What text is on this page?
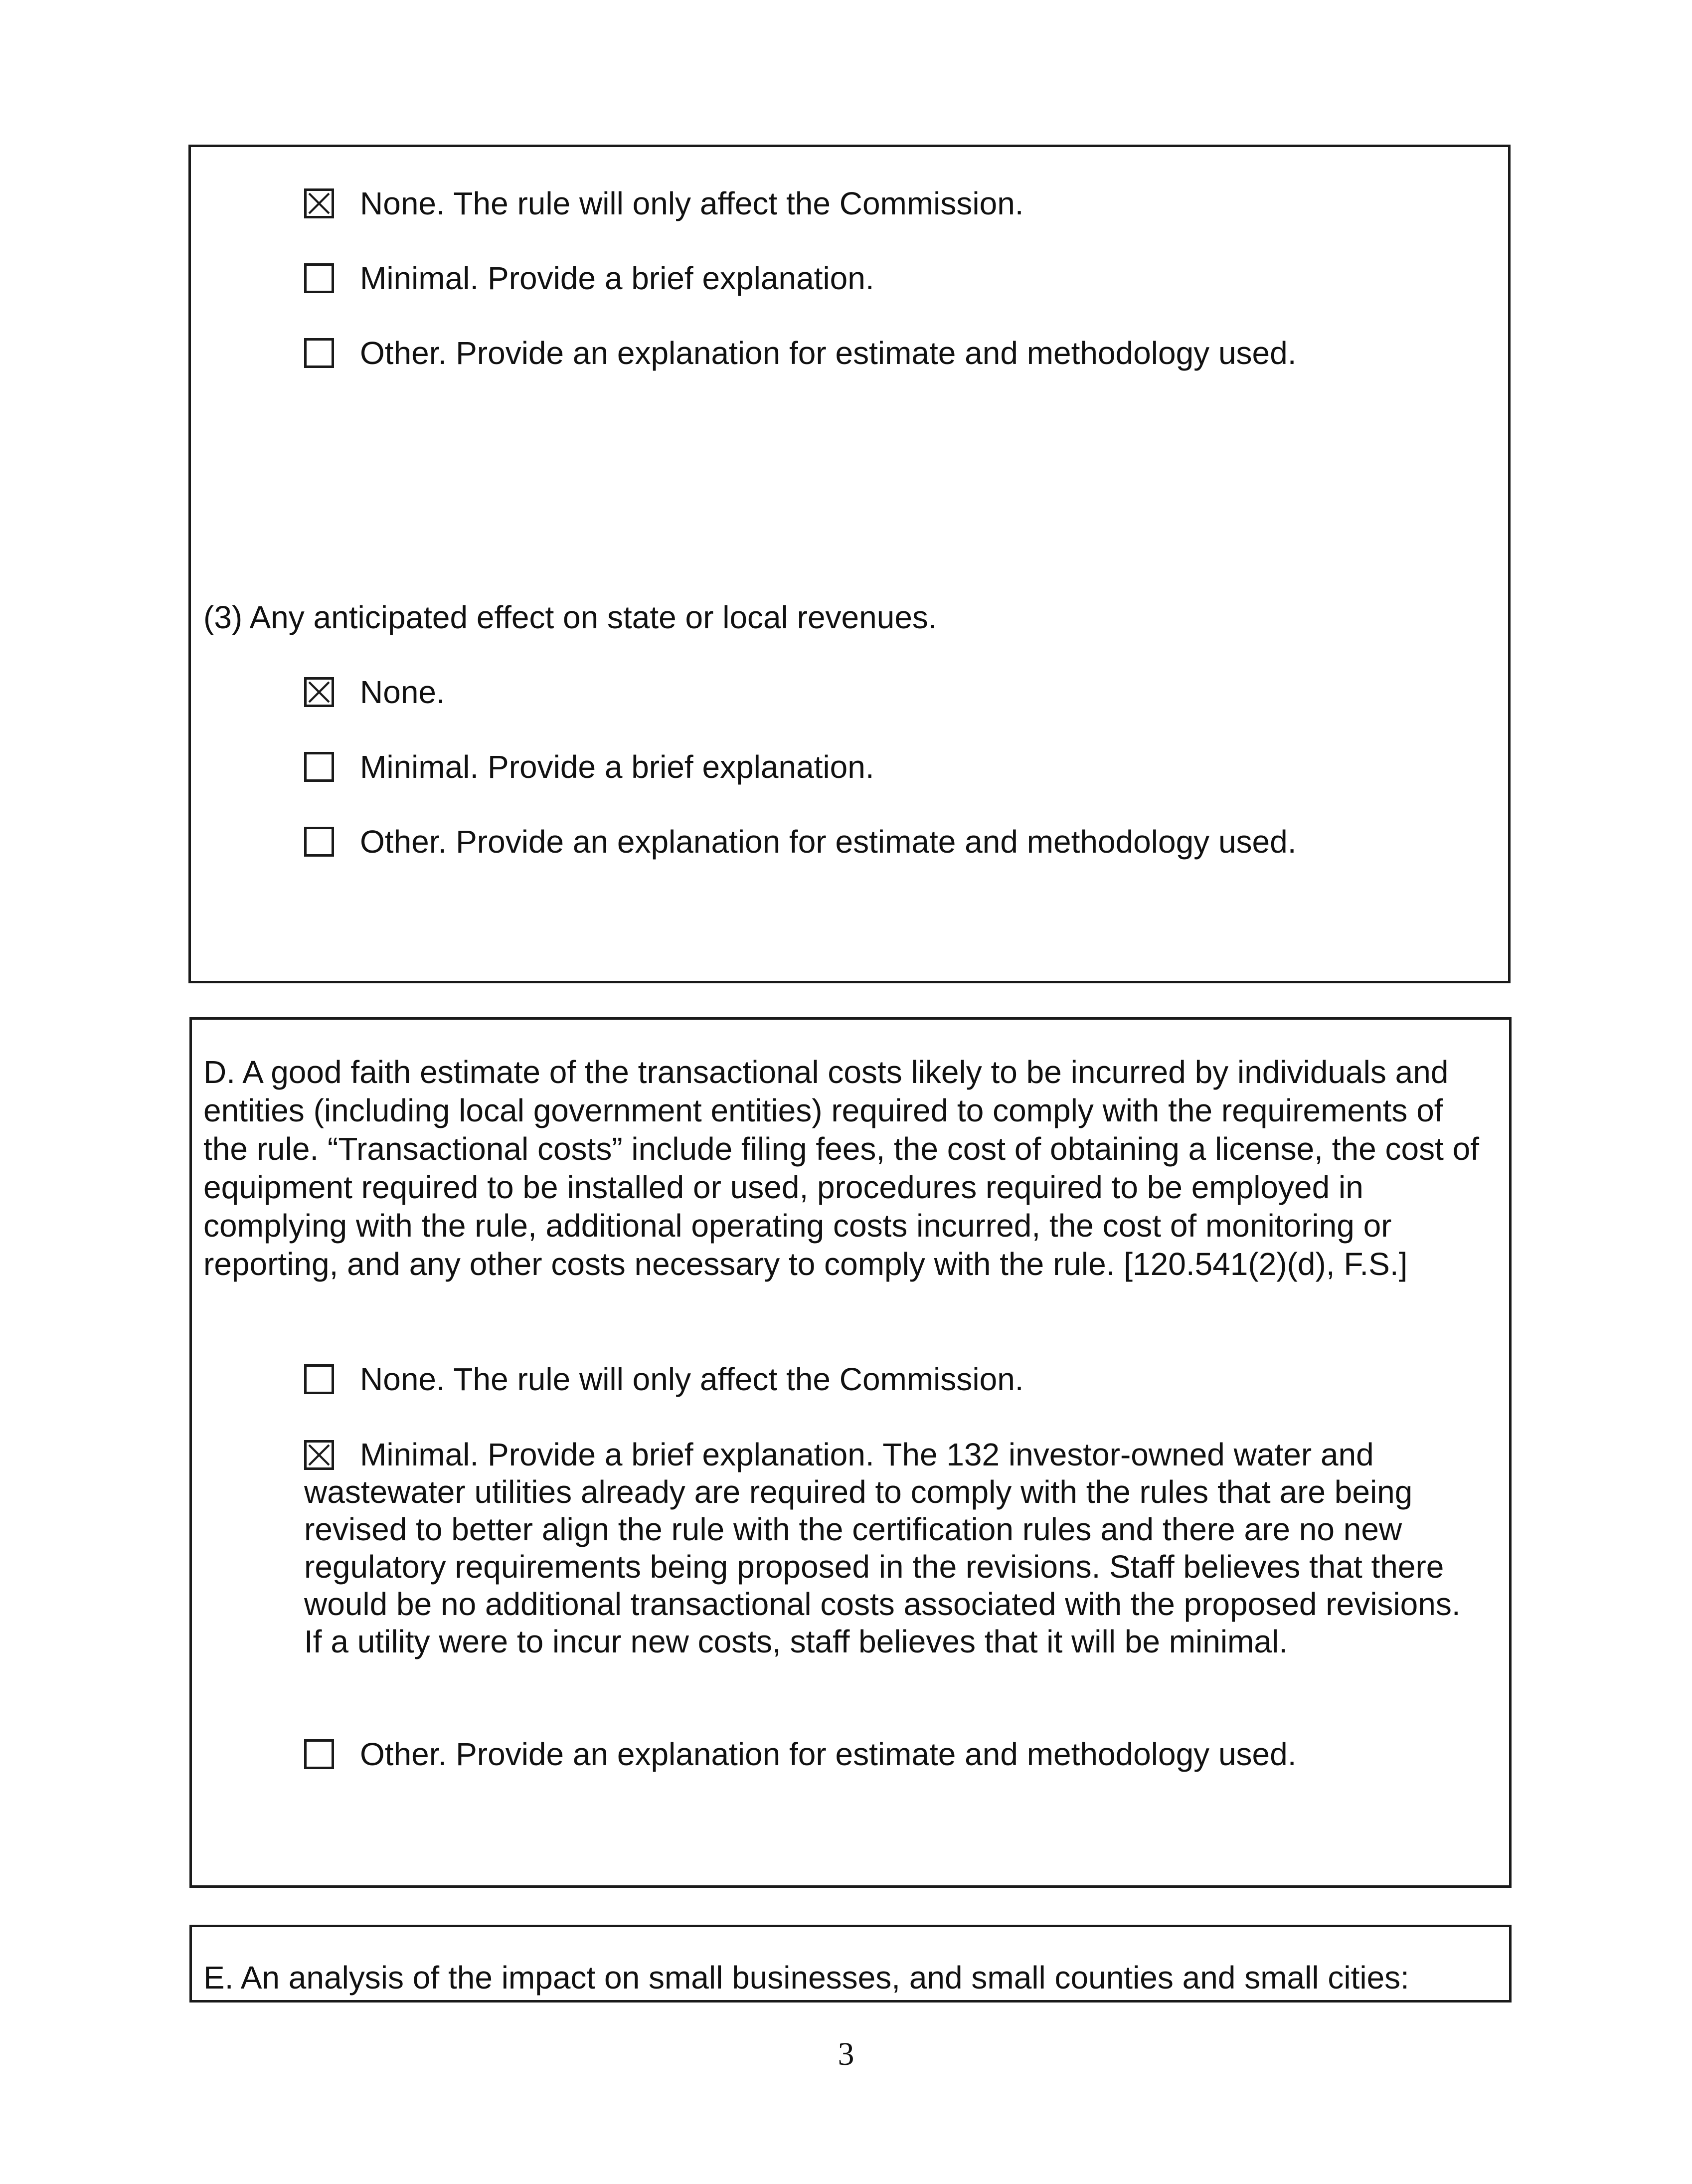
None. The rule will only affect the Commission.
Minimal. Provide a brief explanation.
Other. Provide an explanation for estimate and methodology used.
(3) Any anticipated effect on state or local revenues.
None.
Minimal. Provide a brief explanation.
Other. Provide an explanation for estimate and methodology used.
D. A good faith estimate of the transactional costs likely to be incurred by individuals and entities (including local government entities) required to comply with the requirements of the rule. “Transactional costs” include filing fees, the cost of obtaining a license, the cost of equipment required to be installed or used, procedures required to be employed in complying with the rule, additional operating costs incurred, the cost of monitoring or reporting, and any other costs necessary to comply with the rule. [120.541(2)(d), F.S.]
None. The rule will only affect the Commission.
Minimal. Provide a brief explanation. The 132 investor-owned water and wastewater utilities already are required to comply with the rules that are being revised to better align the rule with the certification rules and there are no new regulatory requirements being proposed in the revisions. Staff believes that there would be no additional transactional costs associated with the proposed revisions. If a utility were to incur new costs, staff believes that it will be minimal.
Other. Provide an explanation for estimate and methodology used.
E. An analysis of the impact on small businesses, and small counties and small cities:
3
